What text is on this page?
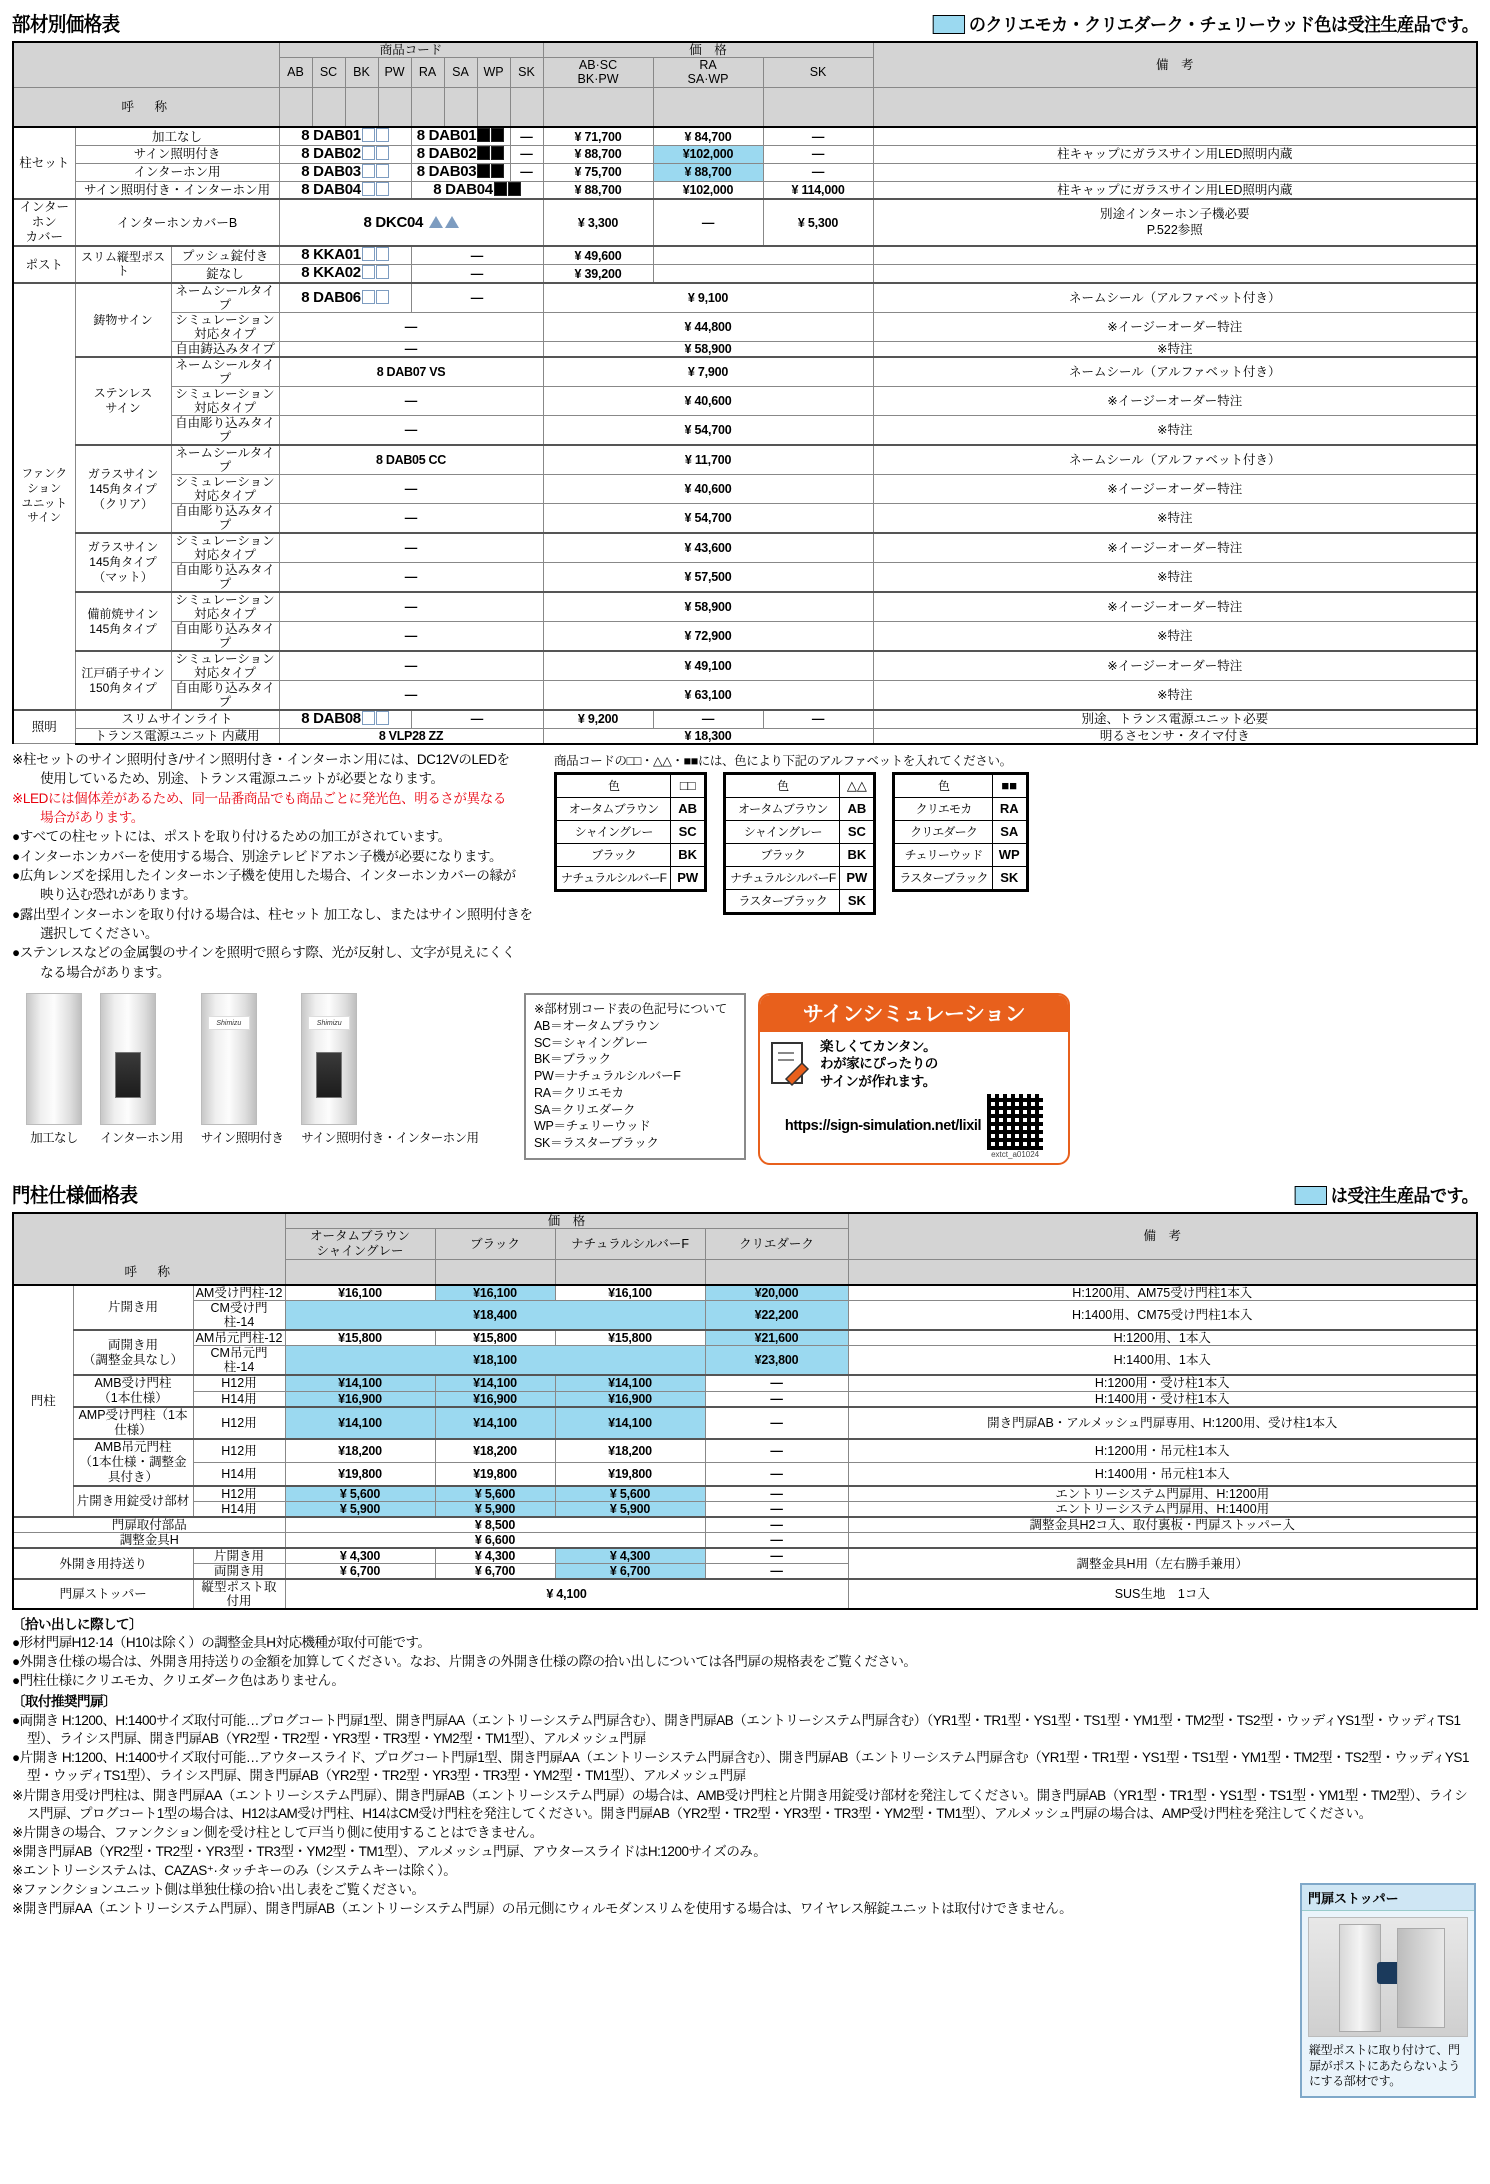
部材別価格表	のクリエモカ・クリエダーク・チェリーウッド色は受注生産品です。
			商品コード								価　格			備　考
			AB	SC	BK	PW	RA	SA	WP	SK	AB·SC
BK·PW	RA
SA·WP	SK	
呼　称														
柱セット	加工なし		8 DAB01				8 DAB01	—			¥ 71,700	¥ 84,700	—	
	サイン照明付き		8 DAB02				8 DAB02	—			¥ 88,700	¥102,000	—	柱キャップにガラスサイン用LED照明内蔵
	インターホン用		8 DAB03				8 DAB03	—			¥ 75,700	¥ 88,700	—	
	サイン照明付き・インターホン用		8 DAB04				8 DAB04				¥ 88,700	¥102,000	¥ 114,000	柱キャップにガラスサイン用LED照明内蔵
インターホン
カバー	インターホンカバーB		8 DKC04								¥ 3,300	—	¥ 5,300	別途インターホン子機必要
P.522参照
ポスト	スリム縦型ポスト	プッシュ錠付き	8 KKA01	—							¥ 49,600			
		錠なし	8 KKA02	—							¥ 39,200			
ファンクション
ユニット
サイン	鋳物サイン	ネームシールタイプ	8 DAB06	—							¥ 9,100			ネームシール（アルファベット付き）
		シミュレーション対応タイプ	—								¥ 44,800			※イージーオーダー特注
		自由鋳込みタイプ	—								¥ 58,900			※特注
	ステンレス
サイン	ネームシールタイプ	8 DAB07 VS								¥ 7,900			ネームシール（アルファベット付き）
		シミュレーション対応タイプ	—								¥ 40,600			※イージーオーダー特注
		自由彫り込みタイプ	—								¥ 54,700			※特注
	ガラスサイン
145角タイプ
（クリア）	ネームシールタイプ	8 DAB05 CC								¥ 11,700			ネームシール（アルファベット付き）
		シミュレーション対応タイプ	—								¥ 40,600			※イージーオーダー特注
		自由彫り込みタイプ	—								¥ 54,700			※特注
	ガラスサイン
145角タイプ
（マット）	シミュレーション対応タイプ	—								¥ 43,600			※イージーオーダー特注
		自由彫り込みタイプ	—								¥ 57,500			※特注
	備前焼サイン
145角タイプ	シミュレーション対応タイプ	—								¥ 58,900			※イージーオーダー特注
		自由彫り込みタイプ	—								¥ 72,900			※特注
	江戸硝子サイン
150角タイプ	シミュレーション対応タイプ	—								¥ 49,100			※イージーオーダー特注
		自由彫り込みタイプ	—								¥ 63,100			※特注
照明	スリムサインライト		8 DAB08	—							¥ 9,200	—	—	別途、トランス電源ユニット必要
	トランス電源ユニット 内蔵用		8 VLP28 ZZ								¥ 18,300			明るさセンサ・タイマ付き

※柱セットのサイン照明付き/サイン照明付き・インターホン用には、DC12VのLEDを

　使用しているため、別途、トランス電源ユニットが必要となります。

※LEDには個体差があるため、同一品番商品でも商品ごとに発光色、明るさが異なる

　場合があります。

●すべての柱セットには、ポストを取り付けるための加工がされています。

●インターホンカバーを使用する場合、別途テレビドアホン子機が必要になります。

●広角レンズを採用したインターホン子機を使用した場合、インターホンカバーの縁が

　映り込む恐れがあります。

●露出型インターホンを取り付ける場合は、柱セット 加工なし、またはサイン照明付きを

　選択してください。

●ステンレスなどの金属製のサインを照明で照らす際、光が反射し、文字が見えにくく

　なる場合があります。

商品コードの□□・△△・■■には、色により下記のアルファベットを入れてください。
色	□□
オータムブラウン	AB
シャイングレー	SC
ブラック	BK
ナチュラルシルバーF	PW
色	△△
オータムブラウン	AB
シャイングレー	SC
ブラック	BK
ナチュラルシルバーF	PW
ラスターブラック	SK
色	■■
クリエモカ	RA
クリエダーク	SA
チェリーウッド	WP
ラスターブラック	SK
加工なし	インターホン用
Shimizu
サイン照明付き
Shimizu
サイン照明付き・インターホン用
※部材別コード表の色記号について
AB＝オータムブラウン
SC＝シャイングレー
BK＝ブラック
PW＝ナチュラルシルバーF
RA＝クリエモカ
SA＝クリエダーク
WP＝チェリーウッド
SK＝ラスターブラック
サインシミュレーション
楽しくてカンタン。
わが家にぴったりの
サインが作れます。
https://sign-simulation.net/lixil
extct_a01024
門柱仕様価格表	は受注生産品です。
			価　格				備　考
			オータムブラウン
シャイングレー	ブラック	ナチュラルシルバーF	クリエダーク	
呼　称							
門柱	片開き用	AM受け門柱-12	¥16,100	¥16,100	¥16,100	¥20,000	H:1200用、AM75受け門柱1本入
		CM受け門柱-14	¥18,400			¥22,200	H:1400用、CM75受け門柱1本入
	両開き用
（調整金具なし）	AM吊元門柱-12	¥15,800	¥15,800	¥15,800	¥21,600	H:1200用、1本入
		CM吊元門柱-14	¥18,100			¥23,800	H:1400用、1本入
	AMB受け門柱
（1本仕様）	H12用	¥14,100	¥14,100	¥14,100	—	H:1200用・受け柱1本入
		H14用	¥16,900	¥16,900	¥16,900	—	H:1400用・受け柱1本入
	AMP受け門柱（1本仕様）	H12用	¥14,100	¥14,100	¥14,100	—	開き門扉AB・アルメッシュ門扉専用、H:1200用、受け柱1本入
	AMB吊元門柱
（1本仕様・調整金具付き）	H12用	¥18,200	¥18,200	¥18,200	—	H:1200用・吊元柱1本入
		H14用	¥19,800	¥19,800	¥19,800	—	H:1400用・吊元柱1本入
	片開き用錠受け部材	H12用	¥ 5,600	¥ 5,600	¥ 5,600	—	エントリーシステム門扉用、H:1200用
		H14用	¥ 5,900	¥ 5,900	¥ 5,900	—	エントリーシステム門扉用、H:1400用
門扉取付部品			¥ 8,500	—			調整金具H2コ入、取付裏板・門扉ストッパー入
調整金具H			¥ 6,600	—	
外開き用持送り		片開き用	¥ 4,300	¥ 4,300	¥ 4,300	—	調整金具H用（左右勝手兼用）
		両開き用	¥ 6,700	¥ 6,700	¥ 6,700	—
門扉ストッパー		縦型ポスト取付用	¥ 4,100				SUS生地　1コ入
〔拾い出しに際して〕

●形材門扉H12·14（H10は除く）の調整金具H対応機種が取付可能です。

●外開き仕様の場合は、外開き用持送りの金額を加算してください。なお、片開きの外開き仕様の際の拾い出しについては各門扉の規格表をご覧ください。

●門柱仕様にクリエモカ、クリエダーク色はありません。

〔取付推奨門扉〕

●両開き H:1200、H:1400サイズ取付可能…プログコート門扉1型、開き門扉AA（エントリーシステム門扉含む）、開き門扉AB（エントリーシステム門扉含む）（YR1型・TR1型・YS1型・TS1型・YM1型・TM2型・TS2型・ウッディYS1型・ウッディTS1型）、ライシス門扉、開き門扉AB（YR2型・TR2型・YR3型・TR3型・YM2型・TM1型）、アルメッシュ門扉

●片開き H:1200、H:1400サイズ取付可能…アウタースライド、プログコート門扉1型、開き門扉AA（エントリーシステム門扉含む）、開き門扉AB（エントリーシステム門扉含む（YR1型・TR1型・YS1型・TS1型・YM1型・TM2型・TS2型・ウッディYS1型・ウッディTS1型）、ライシス門扉、開き門扉AB（YR2型・TR2型・YR3型・TR3型・YM2型・TM1型）、アルメッシュ門扉

※片開き用受け門柱は、開き門扉AA（エントリーシステム門扉）、開き門扉AB（エントリーシステム門扉）の場合は、AMB受け門柱と片開き用錠受け部材を発注してください。開き門扉AB（YR1型・TR1型・YS1型・TS1型・YM1型・TM2型）、ライシス門扉、プログコート1型の場合は、H12はAM受け門柱、H14はCM受け門柱を発注してください。開き門扉AB（YR2型・TR2型・YR3型・TR3型・YM2型・TM1型）、アルメッシュ門扉の場合は、AMP受け門柱を発注してください。

※片開きの場合、ファンクション側を受け柱として戸当り側に使用することはできません。

※開き門扉AB（YR2型・TR2型・YR3型・TR3型・YM2型・TM1型）、アルメッシュ門扉、アウタースライドはH:1200サイズのみ。

※エントリーシステムは、CAZAS⁺·タッチキーのみ（システムキーは除く）。

※ファンクションユニット側は単独仕様の拾い出し表をご覧ください。

※開き門扉AA（エントリーシステム門扉）、開き門扉AB（エントリーシステム門扉）の吊元側にウィルモダンスリムを使用する場合は、ワイヤレス解錠ユニットは取付けできません。

門扉ストッパー
縦型ポストに取り付けて、門扉がポストにあたらないようにする部材です。
